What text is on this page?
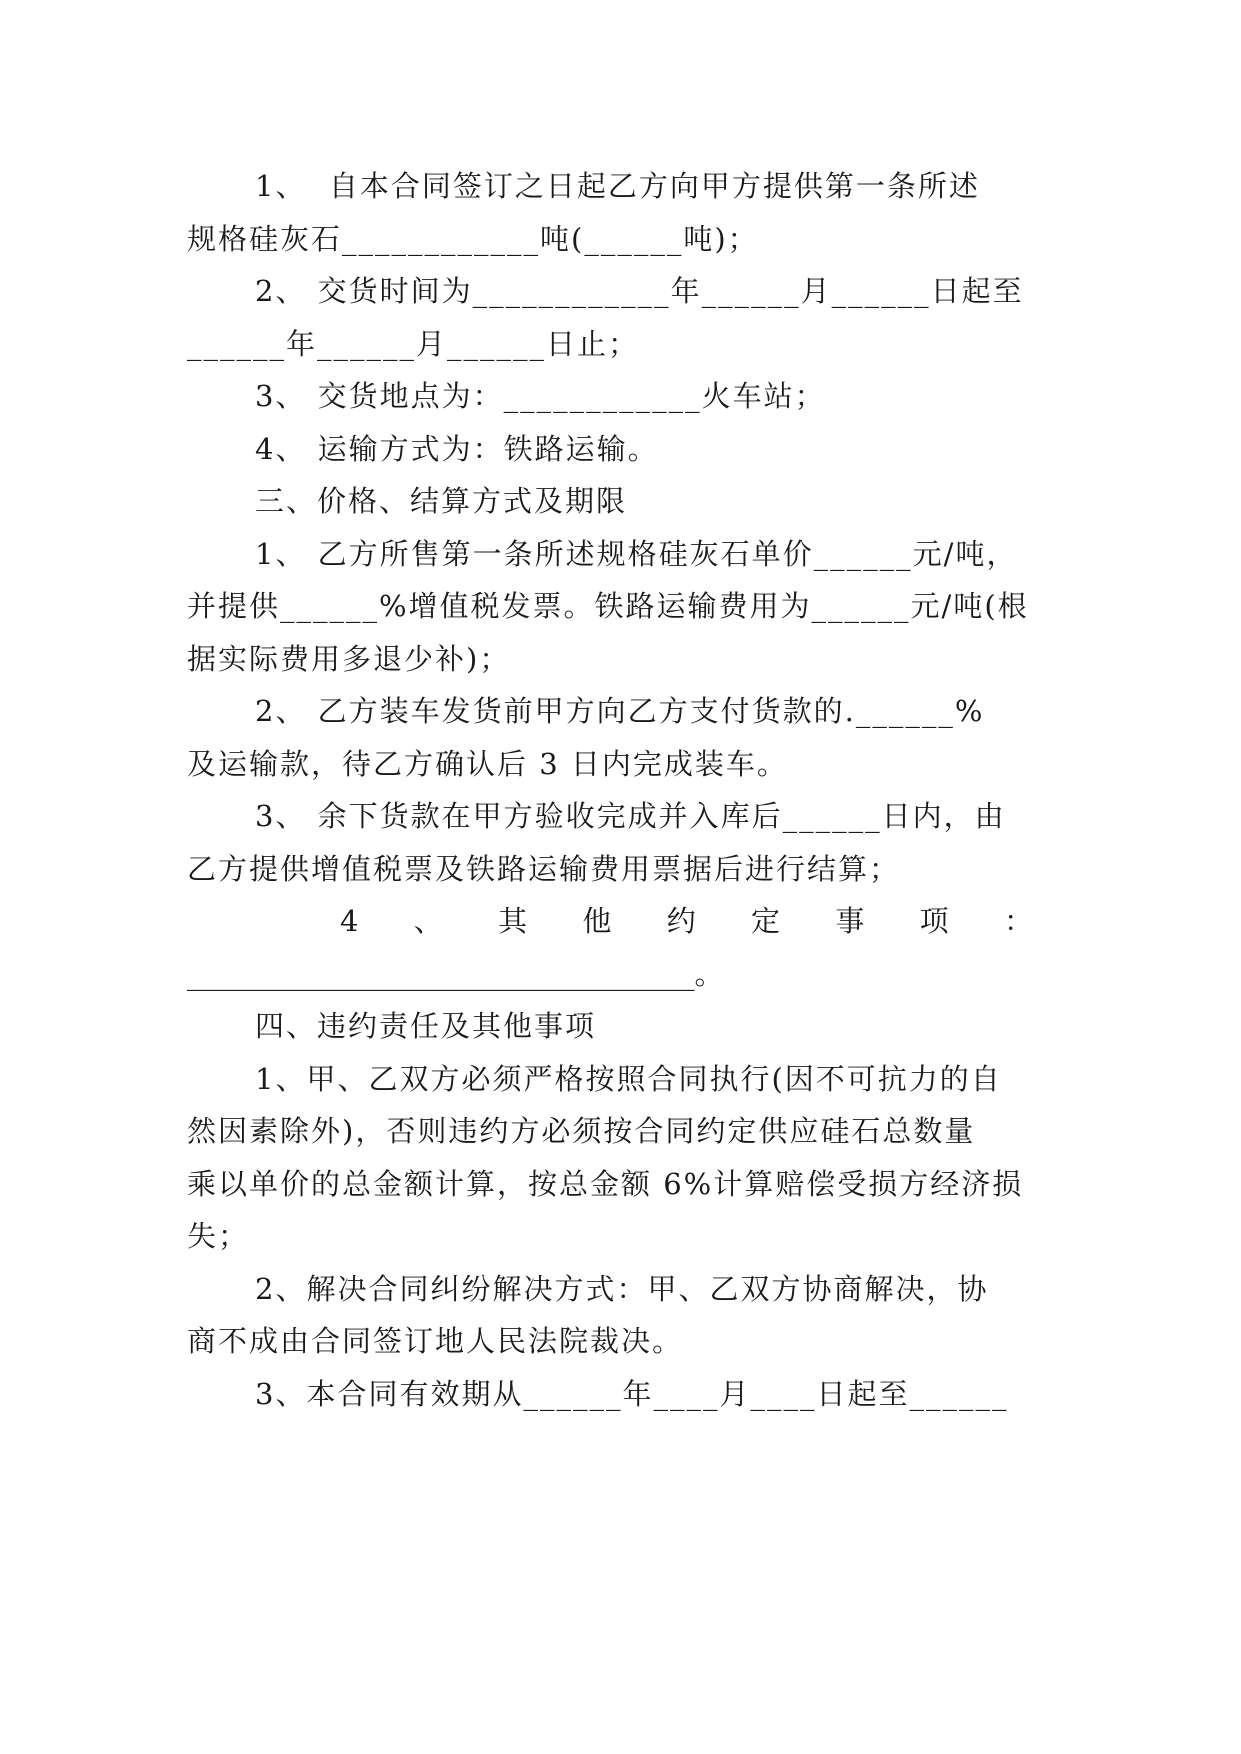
1、  自本合同签订之日起乙方向甲方提供第一条所述
规格硅灰石____________吨(______吨)；
2、 交货时间为____________年______月______日起至
______年______月______日止；
3、 交货地点为：____________火车站；
4、 运输方式为：铁路运输。
三、价格、结算方式及期限
1、 乙方所售第一条所述规格硅灰石单价______元/吨，
并提供______%增值税发票。铁路运输费用为______元/吨(根
据实际费用多退少补)；
2、 乙方装车发货前甲方向乙方支付货款的.______%
及运输款，待乙方确认后 3 日内完成装车。
3、 余下货款在甲方验收完成并入库后______日内，由
乙方提供增值税票及铁路运输费用票据后进行结算；
4 、 其 他 约 定 事 项 ：
___________________________________。
四、违约责任及其他事项
1、甲、乙双方必须严格按照合同执行(因不可抗力的自
然因素除外)，否则违约方必须按合同约定供应硅石总数量
乘以单价的总金额计算，按总金额 6%计算赔偿受损方经济损
失；
2、解决合同纠纷解决方式：甲、乙双方协商解决，协
商不成由合同签订地人民法院裁决。
3、本合同有效期从______年____月____日起至______
